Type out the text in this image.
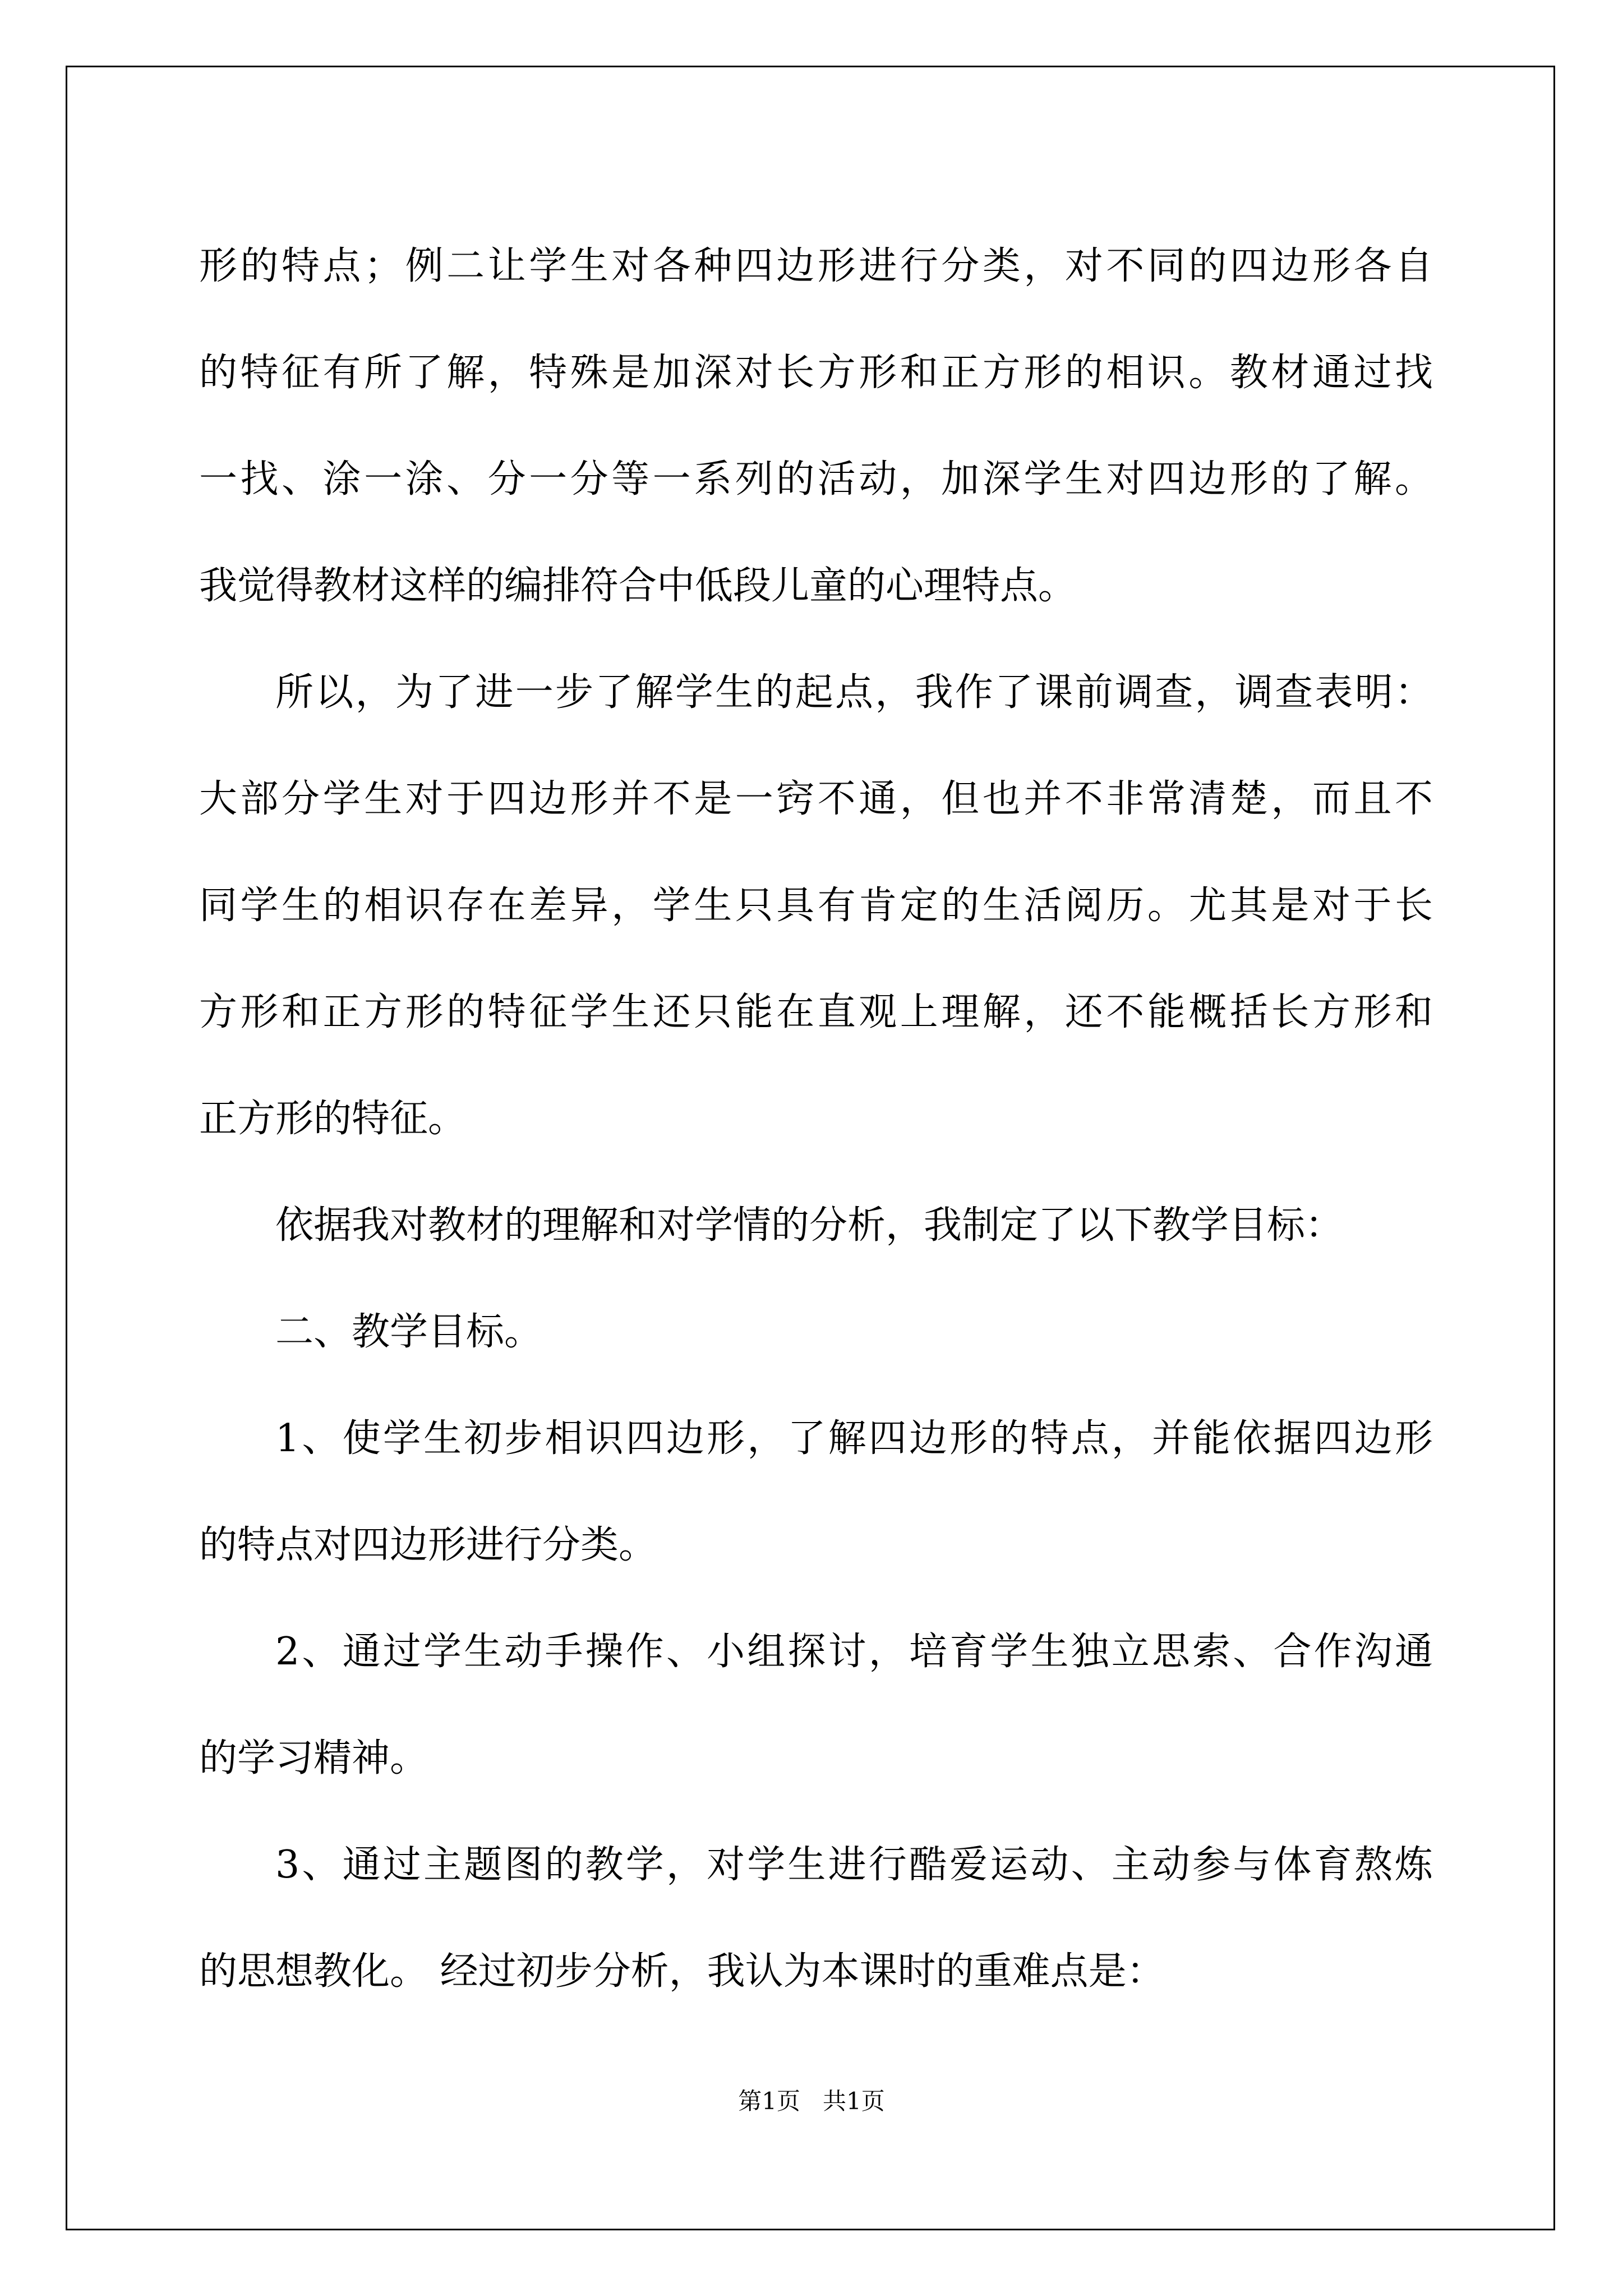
形的特点；例二让学生对各种四边形进行分类，对不同的四边形各自
的特征有所了解，特殊是加深对长方形和正方形的相识。教材通过找
一找、涂一涂、分一分等一系列的活动，加深学生对四边形的了解。
我觉得教材这样的编排符合中低段儿童的心理特点。
所以，为了进一步了解学生的起点，我作了课前调查，调查表明：
大部分学生对于四边形并不是一窍不通，但也并不非常清楚，而且不
同学生的相识存在差异，学生只具有肯定的生活阅历。尤其是对于长
方形和正方形的特征学生还只能在直观上理解，还不能概括长方形和
正方形的特征。
依据我对教材的理解和对学情的分析，我制定了以下教学目标：
二、教学目标。
1、使学生初步相识四边形，了解四边形的特点，并能依据四边形
的特点对四边形进行分类。
2、通过学生动手操作、小组探讨，培育学生独立思索、合作沟通
的学习精神。
3、通过主题图的教学，对学生进行酷爱运动、主动参与体育熬炼
的思想教化。 经过初步分析，我认为本课时的重难点是：
第1页 共1页
